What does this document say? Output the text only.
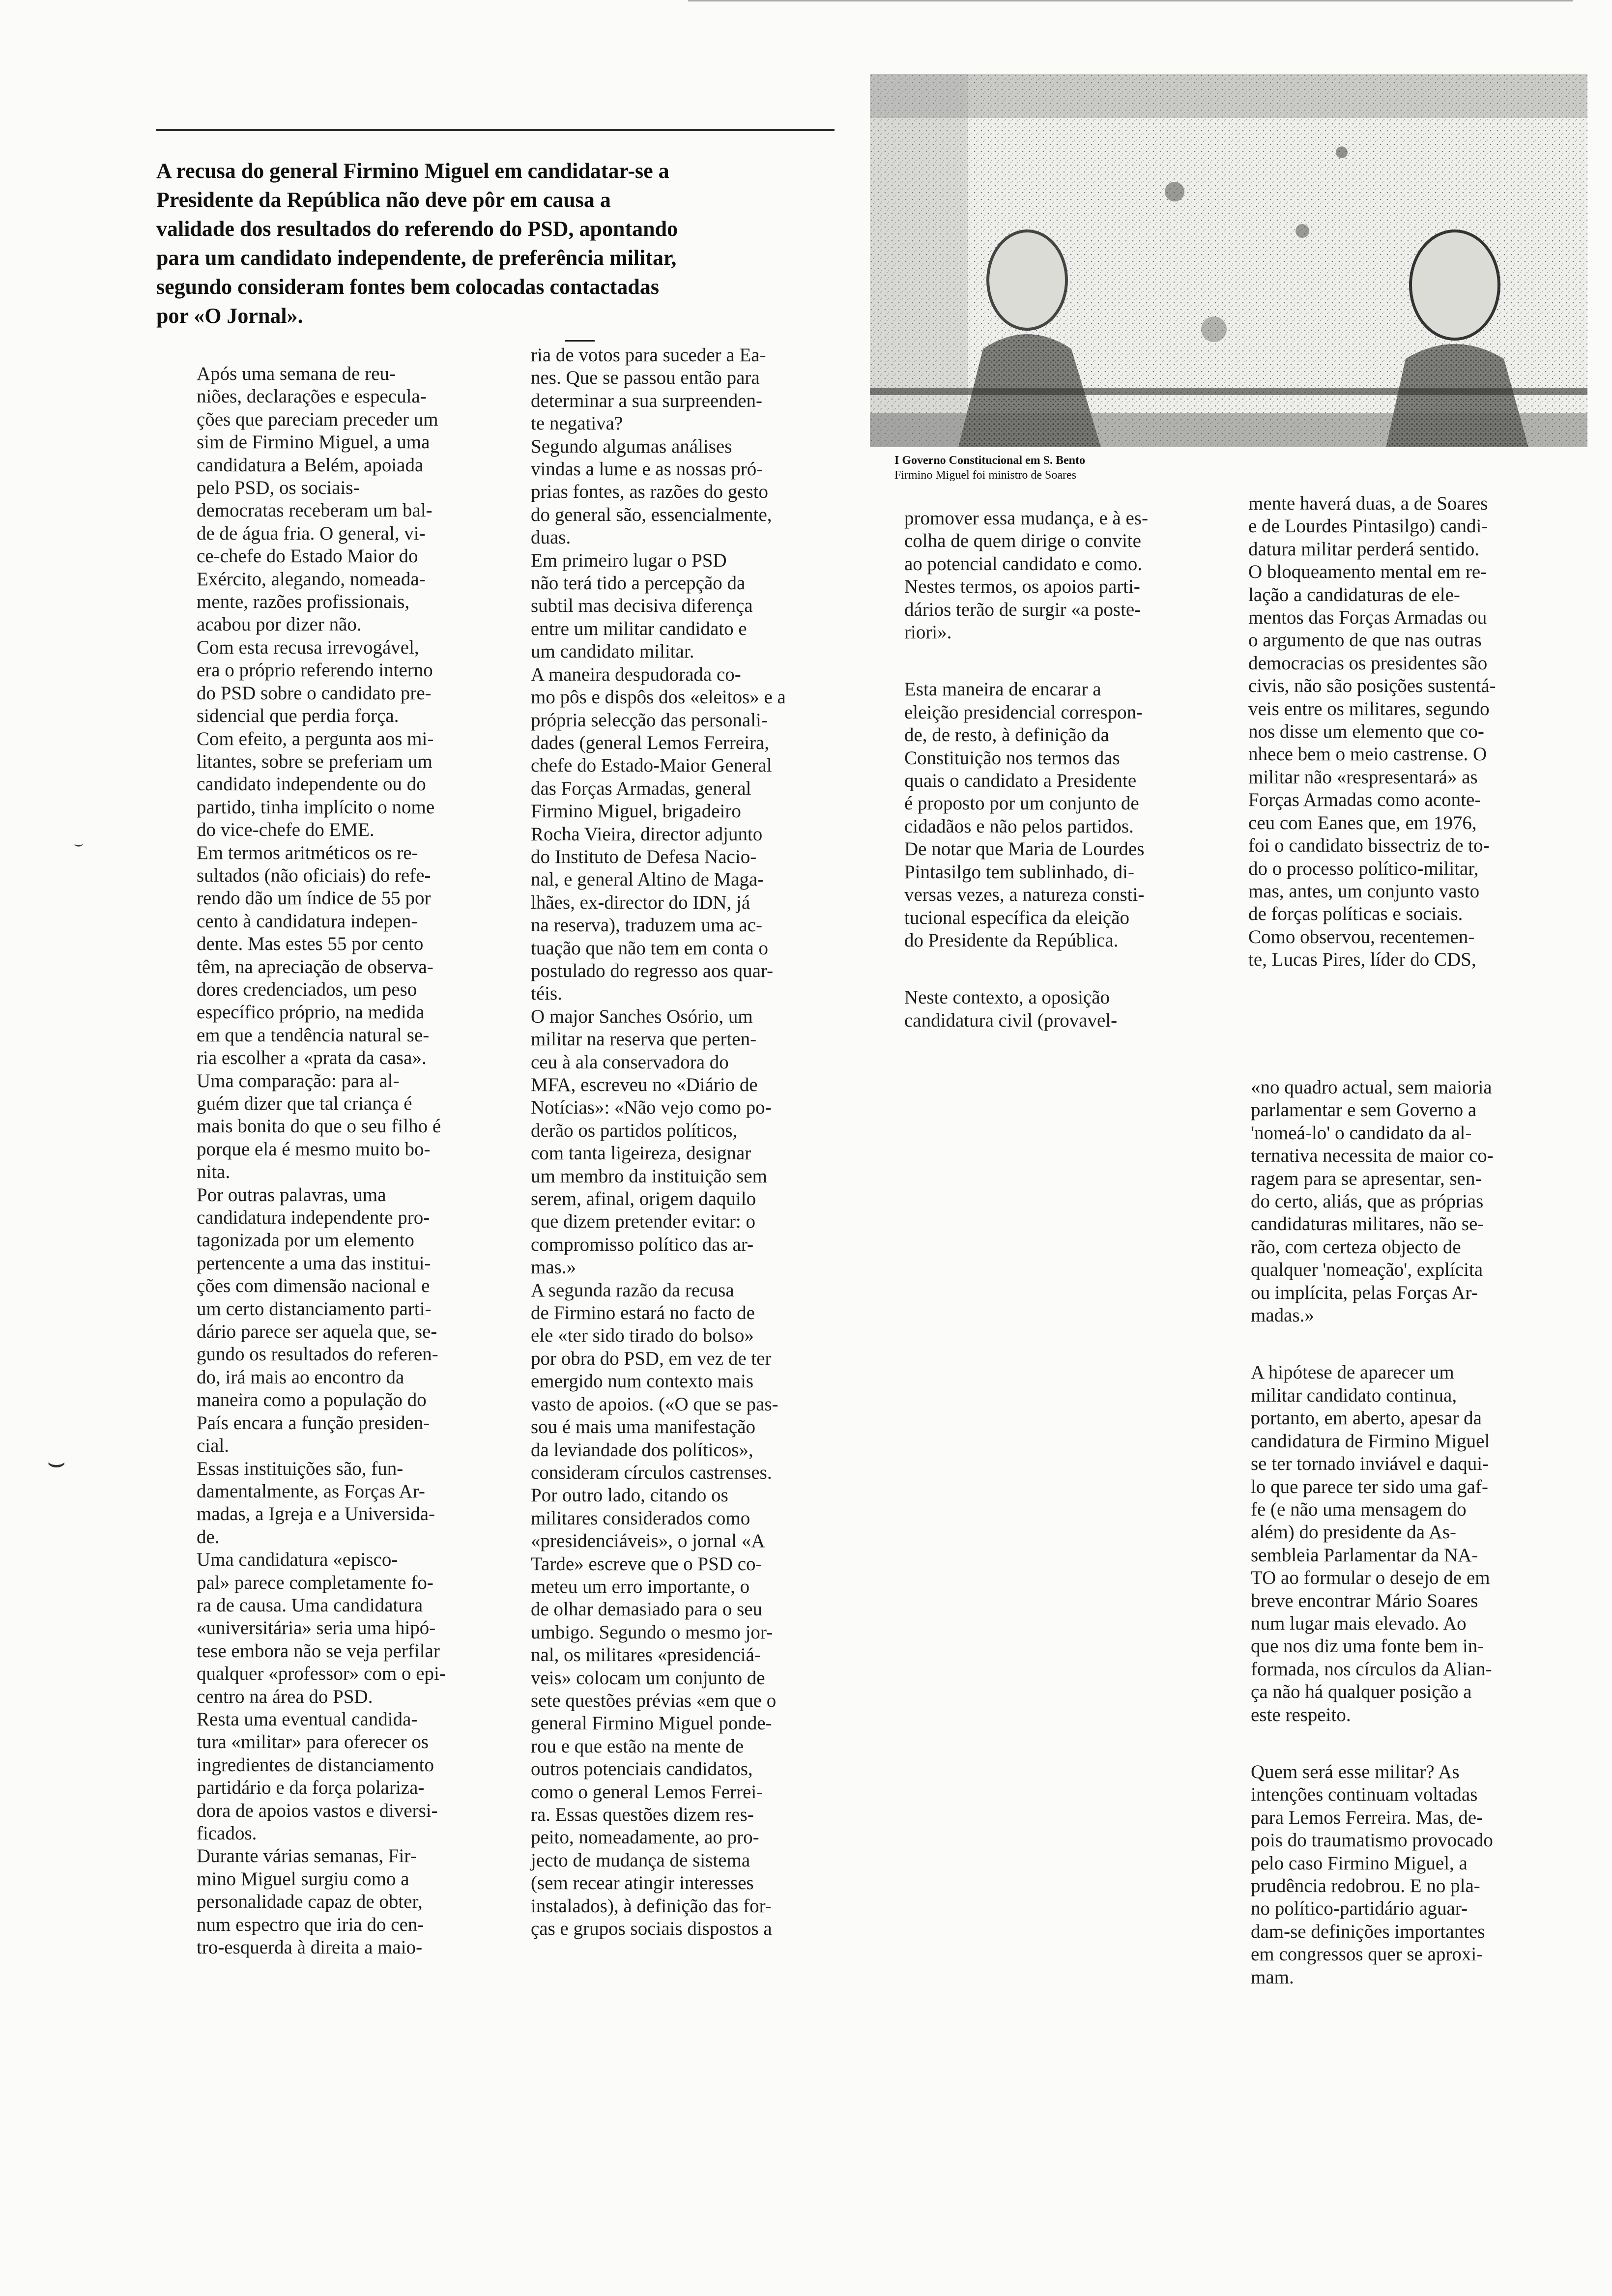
A recusa do general Firmino Miguel em candidatar-se a

Presidente da República não deve pôr em causa a

validade dos resultados do referendo do PSD, apontando

para um candidato independente, de preferência militar,

segundo consideram fontes bem colocadas contactadas

por «O Jornal».

I Governo Constitucional em S. Bento

Firmino Miguel foi ministro de Soares

Após uma semana de reu-

niões, declarações e especula-

ções que pareciam preceder um

sim de Firmino Miguel, a uma

candidatura a Belém, apoiada

pelo PSD, os sociais-

democratas receberam um bal-

de de água fria. O general, vi-

ce-chefe do Estado Maior do

Exército, alegando, nomeada-

mente, razões profissionais,

acabou por dizer não.

Com esta recusa irrevogável,

era o próprio referendo interno

do PSD sobre o candidato pre-

sidencial que perdia força.

Com efeito, a pergunta aos mi-

litantes, sobre se preferiam um

candidato independente ou do

partido, tinha implícito o nome

do vice-chefe do EME.

Em termos aritméticos os re-

sultados (não oficiais) do refe-

rendo dão um índice de 55 por

cento à candidatura indepen-

dente. Mas estes 55 por cento

têm, na apreciação de observa-

dores credenciados, um peso

específico próprio, na medida

em que a tendência natural se-

ria escolher a «prata da casa».

Uma comparação: para al-

guém dizer que tal criança é

mais bonita do que o seu filho é

porque ela é mesmo muito bo-

nita.

Por outras palavras, uma

candidatura independente pro-

tagonizada por um elemento

pertencente a uma das institui-

ções com dimensão nacional e

um certo distanciamento parti-

dário parece ser aquela que, se-

gundo os resultados do referen-

do, irá mais ao encontro da

maneira como a população do

País encara a função presiden-

cial.

Essas instituições são, fun-

damentalmente, as Forças Ar-

madas, a Igreja e a Universida-

de.

Uma candidatura «episco-

pal» parece completamente fo-

ra de causa. Uma candidatura

«universitária» seria uma hipó-

tese embora não se veja perfilar

qualquer «professor» com o epi-

centro na área do PSD.

Resta uma eventual candida-

tura «militar» para oferecer os

ingredientes de distanciamento

partidário e da força polariza-

dora de apoios vastos e diversi-

ficados.

Durante várias semanas, Fir-

mino Miguel surgiu como a

personalidade capaz de obter,

num espectro que iria do cen-

tro-esquerda à direita a maio-

ria de votos para suceder a Ea-

nes. Que se passou então para

determinar a sua surpreenden-

te negativa?

Segundo algumas análises

vindas a lume e as nossas pró-

prias fontes, as razões do gesto

do general são, essencialmente,

duas.

Em primeiro lugar o PSD

não terá tido a percepção da

subtil mas decisiva diferença

entre um militar candidato e

um candidato militar.

A maneira despudorada co-

mo pôs e dispôs dos «eleitos» e a

própria selecção das personali-

dades (general Lemos Ferreira,

chefe do Estado-Maior General

das Forças Armadas, general

Firmino Miguel, brigadeiro

Rocha Vieira, director adjunto

do Instituto de Defesa Nacio-

nal, e general Altino de Maga-

lhães, ex-director do IDN, já

na reserva), traduzem uma ac-

tuação que não tem em conta o

postulado do regresso aos quar-

téis.

O major Sanches Osório, um

militar na reserva que perten-

ceu à ala conservadora do

MFA, escreveu no «Diário de

Notícias»: «Não vejo como po-

derão os partidos políticos,

com tanta ligeireza, designar

um membro da instituição sem

serem, afinal, origem daquilo

que dizem pretender evitar: o

compromisso político das ar-

mas.»

A segunda razão da recusa

de Firmino estará no facto de

ele «ter sido tirado do bolso»

por obra do PSD, em vez de ter

emergido num contexto mais

vasto de apoios. («O que se pas-

sou é mais uma manifestação

da leviandade dos políticos»,

consideram círculos castrenses.

Por outro lado, citando os

militares considerados como

«presidenciáveis», o jornal «A

Tarde» escreve que o PSD co-

meteu um erro importante, o

de olhar demasiado para o seu

umbigo. Segundo o mesmo jor-

nal, os militares «presidenciá-

veis» colocam um conjunto de

sete questões prévias «em que o

general Firmino Miguel ponde-

rou e que estão na mente de

outros potenciais candidatos,

como o general Lemos Ferrei-

ra. Essas questões dizem res-

peito, nomeadamente, ao pro-

jecto de mudança de sistema

(sem recear atingir interesses

instalados), à definição das for-

ças e grupos sociais dispostos a

promover essa mudança, e à es-

colha de quem dirige o convite

ao potencial candidato e como.

Nestes termos, os apoios parti-

dários terão de surgir «a poste-

riori».

Esta maneira de encarar a

eleição presidencial correspon-

de, de resto, à definição da

Constituição nos termos das

quais o candidato a Presidente

é proposto por um conjunto de

cidadãos e não pelos partidos.

De notar que Maria de Lourdes

Pintasilgo tem sublinhado, di-

versas vezes, a natureza consti-

tucional específica da eleição

do Presidente da República.

Neste contexto, a oposição

candidatura civil (provavel-

mente haverá duas, a de Soares

e de Lourdes Pintasilgo) candi-

datura militar perderá sentido.

O bloqueamento mental em re-

lação a candidaturas de ele-

mentos das Forças Armadas ou

o argumento de que nas outras

democracias os presidentes são

civis, não são posições sustentá-

veis entre os militares, segundo

nos disse um elemento que co-

nhece bem o meio castrense. O

militar não «respresentará» as

Forças Armadas como aconte-

ceu com Eanes que, em 1976,

foi o candidato bissectriz de to-

do o processo político-militar,

mas, antes, um conjunto vasto

de forças políticas e sociais.

Como observou, recentemen-

te, Lucas Pires, líder do CDS,

«no quadro actual, sem maioria

parlamentar e sem Governo a

'nomeá-lo' o candidato da al-

ternativa necessita de maior co-

ragem para se apresentar, sen-

do certo, aliás, que as próprias

candidaturas militares, não se-

rão, com certeza objecto de

qualquer 'nomeação', explícita

ou implícita, pelas Forças Ar-

madas.»

A hipótese de aparecer um

militar candidato continua,

portanto, em aberto, apesar da

candidatura de Firmino Miguel

se ter tornado inviável e daqui-

lo que parece ter sido uma gaf-

fe (e não uma mensagem do

além) do presidente da As-

sembleia Parlamentar da NA-

TO ao formular o desejo de em

breve encontrar Mário Soares

num lugar mais elevado. Ao

que nos diz uma fonte bem in-

formada, nos círculos da Alian-

ça não há qualquer posição a

este respeito.

Quem será esse militar? As

intenções continuam voltadas

para Lemos Ferreira. Mas, de-

pois do traumatismo provocado

pelo caso Firmino Miguel, a

prudência redobrou. E no pla-

no político-partidário aguar-

dam-se definições importantes

em congressos quer se aproxi-

mam.

⌣
⌣
